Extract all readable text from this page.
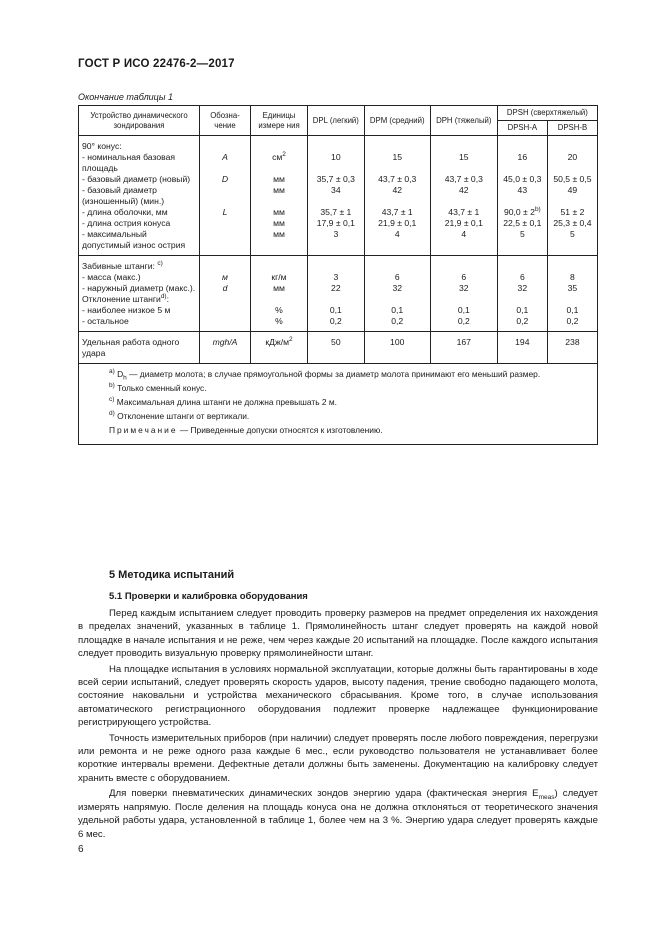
ГОСТ Р ИСО 22476-2—2017
Окончание таблицы 1
Устройство динамического зондирования	Обозна- чение	Единицы измере ния	DPL (легкий)	DPM (средний)	DPH (тяжелый)	DPSH (сверхтяжелый)	
						DPSH-A	DPSH-B
90° конус:							
- номинальная базовая площадь	A	$см^2$	10	15	15	16	20
- базовый диаметр (новый)	D	мм	35,7 ± 0,3	43,7 ± 0,3	43,7 ± 0,3	45,0 ± 0,3	50,5 ± 0,5
- базовый диаметр (изношенный) (мин.)		мм	34	42	42	43	49
- длина оболочки, мм	L	мм	35,7 ± 1	43,7 ± 1	43,7 ± 1	$90,0 \pm 2^{b)}$	51 ± 2
- длина острия конуса		мм	17,9 ± 0,1	21,9 ± 0,1	21,9 ± 0,1	22,5 ± 0,1	25,3 ± 0,4
- максимальный допустимый износ острия		мм	3	4	4	5	5
Забивные штанги: $^{c)}$							
- масса (макс.)	м	кг/м	3	6	6	6	8
- наружный диаметр (макс.).	d	мм	22	32	32	32	35
Отклонение штанги$^{d)}$:							
- наиболее низкое 5 м		%	0,1	0,1	0,1	0,1	0,1
- остальное		%	0,2	0,2	0,2	0,2	0,2
Удельная работа одного удара	mgh/A	кДж/$м^2$	50	100	167	194	238

$^{a)}$ $D_h$ — диаметр молота; в случае прямоугольной формы за диаметр молота принимают его меньший размер.
$^{b)}$ Только сменный конус.
$^{c)}$ Максимальная длина штанги не должна превышать 2 м.
$^{d)}$ Отклонение штанги от вертикали.
Примечание — Приведенные допуски относятся к изготовлению.							
5 Методика испытаний
5.1 Проверки и калибровка оборудования

Перед каждым испытанием следует проводить проверку размеров на предмет определения их нахождения в пределах значений, указанных в таблице 1. Прямолинейность штанг следует проверять на каждой новой площадке в начале испытания и не реже, чем через каждые 20 испытаний на площадке. После каждого испытания следует проводить визуальную проверку прямолинейности штанг.

На площадке испытания в условиях нормальной эксплуатации, которые должны быть гарантированы в ходе всей серии испытаний, следует проверять скорость ударов, высоту падения, трение свободно падающего молота, состояние наковальни и устройства механического сбрасывания. Кроме того, в случае использования автоматического регистрационного оборудования подлежит проверке надлежащее функционирование регистрирующего устройства.

Точность измерительных приборов (при наличии) следует проверять после любого повреждения, перегрузки или ремонта и не реже одного раза каждые 6 мес., если руководство пользователя не устанавливает более короткие интервалы времени. Дефектные детали должны быть заменены. Документацию на калибровку следует хранить вместе с оборудованием.

Для поверки пневматических динамических зондов энергию удара (фактическая энергия $E_{meas}$) следует измерять напрямую. После деления на площадь конуса она не должна отклоняться от теоретического значения удельной работы удара, установленной в таблице 1, более чем на 3 %. Энергию удара следует проверять каждые 6 мес.

6
